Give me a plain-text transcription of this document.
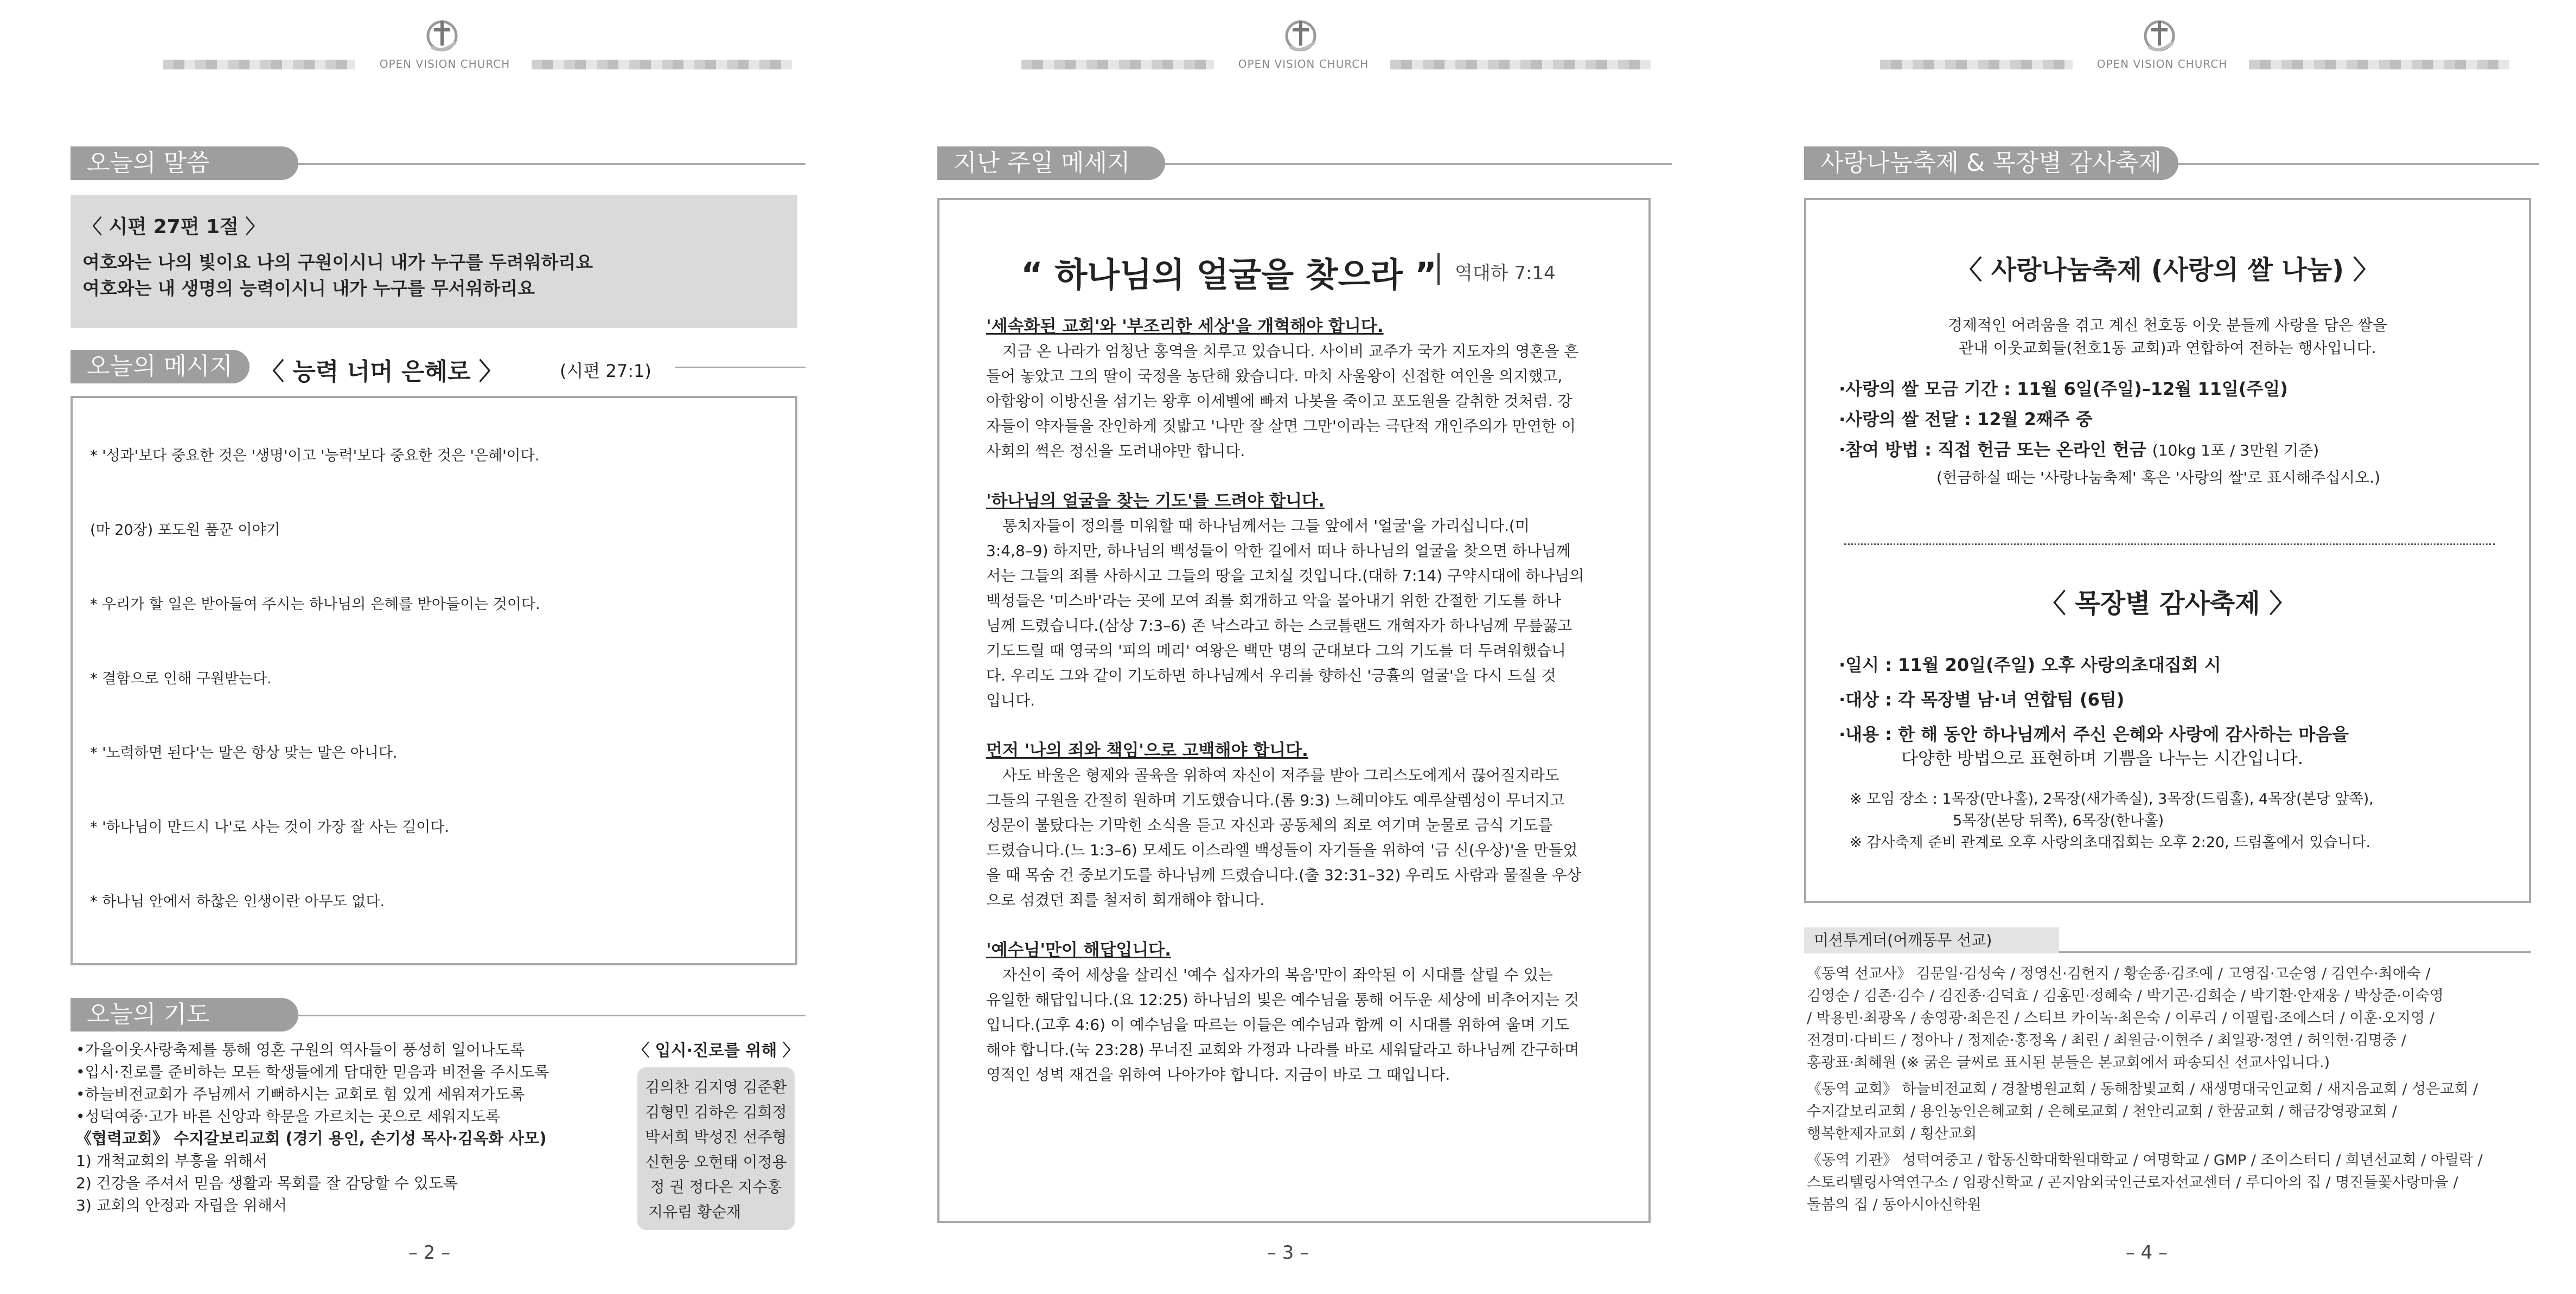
OPEN VISION CHURCH
오늘의 말씀
〈 시편 27편 1절 〉
여호와는 나의 빛이요 나의 구원이시니 내가 누구를 두려워하리요
여호와는 내 생명의 능력이시니 내가 누구를 무서워하리요
오늘의 메시지	〈 능력 너머 은혜로 〉	(시편 27:1)
* '성과'보다 중요한 것은 '생명'이고 '능력'보다 중요한 것은 '은혜'이다.
(마 20장) 포도원 품꾼 이야기
* 우리가 할 일은 받아들여 주시는 하나님의 은혜를 받아들이는 것이다.
* 결함으로 인해 구원받는다.
* '노력하면 된다'는 말은 항상 맞는 말은 아니다.
* '하나님이 만드시 나'로 사는 것이 가장 잘 사는 길이다.
* 하나님 안에서 하찮은 인생이란 아무도 없다.
오늘의 기도

•가을이웃사랑축제를 통해 영혼 구원의 역사들이 풍성히 일어나도록

•입시·진로를 준비하는 모든 학생들에게 담대한 믿음과 비전을 주시도록

•하늘비전교회가 주님께서 기뻐하시는 교회로 힘 있게 세워져가도록

•성덕여중·고가 바른 신앙과 학문을 가르치는 곳으로 세워지도록

《협력교회》 수지갈보리교회 (경기 용인, 손기성 목사·김옥화 사모)

1) 개척교회의 부흥을 위해서

2) 건강을 주셔서 믿음 생활과 목회를 잘 감당할 수 있도록

3) 교회의 안정과 자립을 위해서

〈 입시·진로를 위해 〉
김의찬 김지영 김준환
김형민 김하은 김희정
박서희 박성진 선주형
신현웅 오현태 이정용
정 권 정다은 지수홍
지유림 황순재
– 2 –
OPEN VISION CHURCH
지난 주일 메세지
“ 하나님의 얼굴을 찾으라 ” 역대하 7:14
'세속화된 교회'와 '부조리한 세상'을 개혁해야 합니다.
지금 온 나라가 엄청난 홍역을 치루고 있습니다. 사이비 교주가 국가 지도자의 영혼을 흔
들어 놓았고 그의 딸이 국정을 농단해 왔습니다. 마치 사울왕이 신접한 여인을 의지했고,
아합왕이 이방신을 섬기는 왕후 이세벨에 빠져 나봇을 죽이고 포도원을 갈취한 것처럼. 강
자들이 약자들을 잔인하게 짓밟고 '나만 잘 살면 그만'이라는 극단적 개인주의가 만연한 이
사회의 썩은 정신을 도려내야만 합니다.
'하나님의 얼굴을 찾는 기도'를 드려야 합니다.
통치자들이 정의를 미워할 때 하나님께서는 그들 앞에서 '얼굴'을 가리십니다.(미
3:4,8–9) 하지만, 하나님의 백성들이 악한 길에서 떠나 하나님의 얼굴을 찾으면 하나님께
서는 그들의 죄를 사하시고 그들의 땅을 고치실 것입니다.(대하 7:14) 구약시대에 하나님의
백성들은 '미스바'라는 곳에 모여 죄를 회개하고 악을 몰아내기 위한 간절한 기도를 하나
님께 드렸습니다.(삼상 7:3–6) 존 낙스라고 하는 스코틀랜드 개혁자가 하나님께 무릎꿇고
기도드릴 때 영국의 '피의 메리' 여왕은 백만 명의 군대보다 그의 기도를 더 두려워했습니
다. 우리도 그와 같이 기도하면 하나님께서 우리를 향하신 '긍휼의 얼굴'을 다시 드실 것
입니다.
먼저 '나의 죄와 책임'으로 고백해야 합니다.
사도 바울은 형제와 골육을 위하여 자신이 저주를 받아 그리스도에게서 끊어질지라도
그들의 구원을 간절히 원하며 기도했습니다.(롬 9:3) 느헤미야도 예루살렘성이 무너지고
성문이 불탔다는 기막힌 소식을 듣고 자신과 공동체의 죄로 여기며 눈물로 금식 기도를
드렸습니다.(느 1:3–6) 모세도 이스라엘 백성들이 자기들을 위하여 '금 신(우상)'을 만들었
을 때 목숨 건 중보기도를 하나님께 드렸습니다.(출 32:31–32) 우리도 사람과 물질을 우상
으로 섬겼던 죄를 철저히 회개해야 합니다.
'예수님'만이 해답입니다.
자신이 죽어 세상을 살리신 '예수 십자가의 복음'만이 좌악된 이 시대를 살릴 수 있는
유일한 해답입니다.(요 12:25) 하나님의 빛은 예수님을 통해 어두운 세상에 비추어지는 것
입니다.(고후 4:6) 이 예수님을 따르는 이들은 예수님과 함께 이 시대를 위하여 울며 기도
해야 합니다.(눅 23:28) 무너진 교회와 가정과 나라를 바로 세워달라고 하나님께 간구하며
영적인 성벽 재건을 위하여 나아가야 합니다. 지금이 바로 그 때입니다.
– 3 –
OPEN VISION CHURCH
사랑나눔축제 & 목장별 감사축제
〈 사랑나눔축제 (사랑의 쌀 나눔) 〉
경제적인 어려움을 겪고 계신 천호동 이웃 분들께 사랑을 담은 쌀을
관내 이웃교회들(천호1동 교회)과 연합하여 전하는 행사입니다.
·사랑의 쌀 모금 기간 : 11월 6일(주일)–12월 11일(주일)
·사랑의 쌀 전달 : 12월 2째주 중
·참여 방법 : 직접 헌금 또는 온라인 헌금 (10kg 1포 / 3만원 기준)
(헌금하실 때는 '사랑나눔축제' 혹은 '사랑의 쌀'로 표시해주십시오.)
〈 목장별 감사축제 〉
·일시 : 11월 20일(주일) 오후 사랑의초대집회 시
·대상 : 각 목장별 남·녀 연합팀 (6팀)
·내용 : 한 해 동안 하나님께서 주신 은혜와 사랑에 감사하는 마음을
다양한 방법으로 표현하며 기쁨을 나누는 시간입니다.
※ 모임 장소 : 1목장(만나홀), 2목장(새가족실), 3목장(드림홀), 4목장(본당 앞쪽),
5목장(본당 뒤쪽), 6목장(한나홀)
※ 감사축제 준비 관계로 오후 사랑의초대집회는 오후 2:20, 드림홀에서 있습니다.
미션투게더(어깨동무 선교)
《동역 선교사》 김문일·김성숙 / 정영신·김헌지 / 황순종·김조예 / 고영집·고순영 / 김연수·최애숙 /
김영순 / 김존·김수 / 김진종·김덕효 / 김홍민·정혜숙 / 박기곤·김희순 / 박기환·안재웅 / 박상준·이숙영
/ 박용빈·최광옥 / 송영광·최은진 / 스티브 카이녹·최은숙 / 이루리 / 이필립·조에스더 / 이훈·오지영 /
전경미·다비드 / 정아나 / 정제순·홍정옥 / 최린 / 최원금·이현주 / 최일광·정연 / 허익현·김명중 /
홍광표·최혜원 (※ 굵은 글씨로 표시된 분들은 본교회에서 파송되신 선교사입니다.)
《동역 교회》 하늘비전교회 / 경찰병원교회 / 동해참빛교회 / 새생명대국인교회 / 새지음교회 / 성은교회 /
수지갈보리교회 / 용인농인은혜교회 / 은혜로교회 / 천안리교회 / 한꿈교회 / 해금강영광교회 /
행복한제자교회 / 횡산교회
《동역 기관》 성덕여중고 / 합동신학대학원대학교 / 여명학교 / GMP / 조이스터디 / 희년선교회 / 아릴락 /
스토리텔링사역연구소 / 임광신학교 / 곤지암외국인근로자선교센터 / 루디아의 집 / 명진들꽃사랑마을 /
돌봄의 집 / 동아시아신학원
– 4 –
